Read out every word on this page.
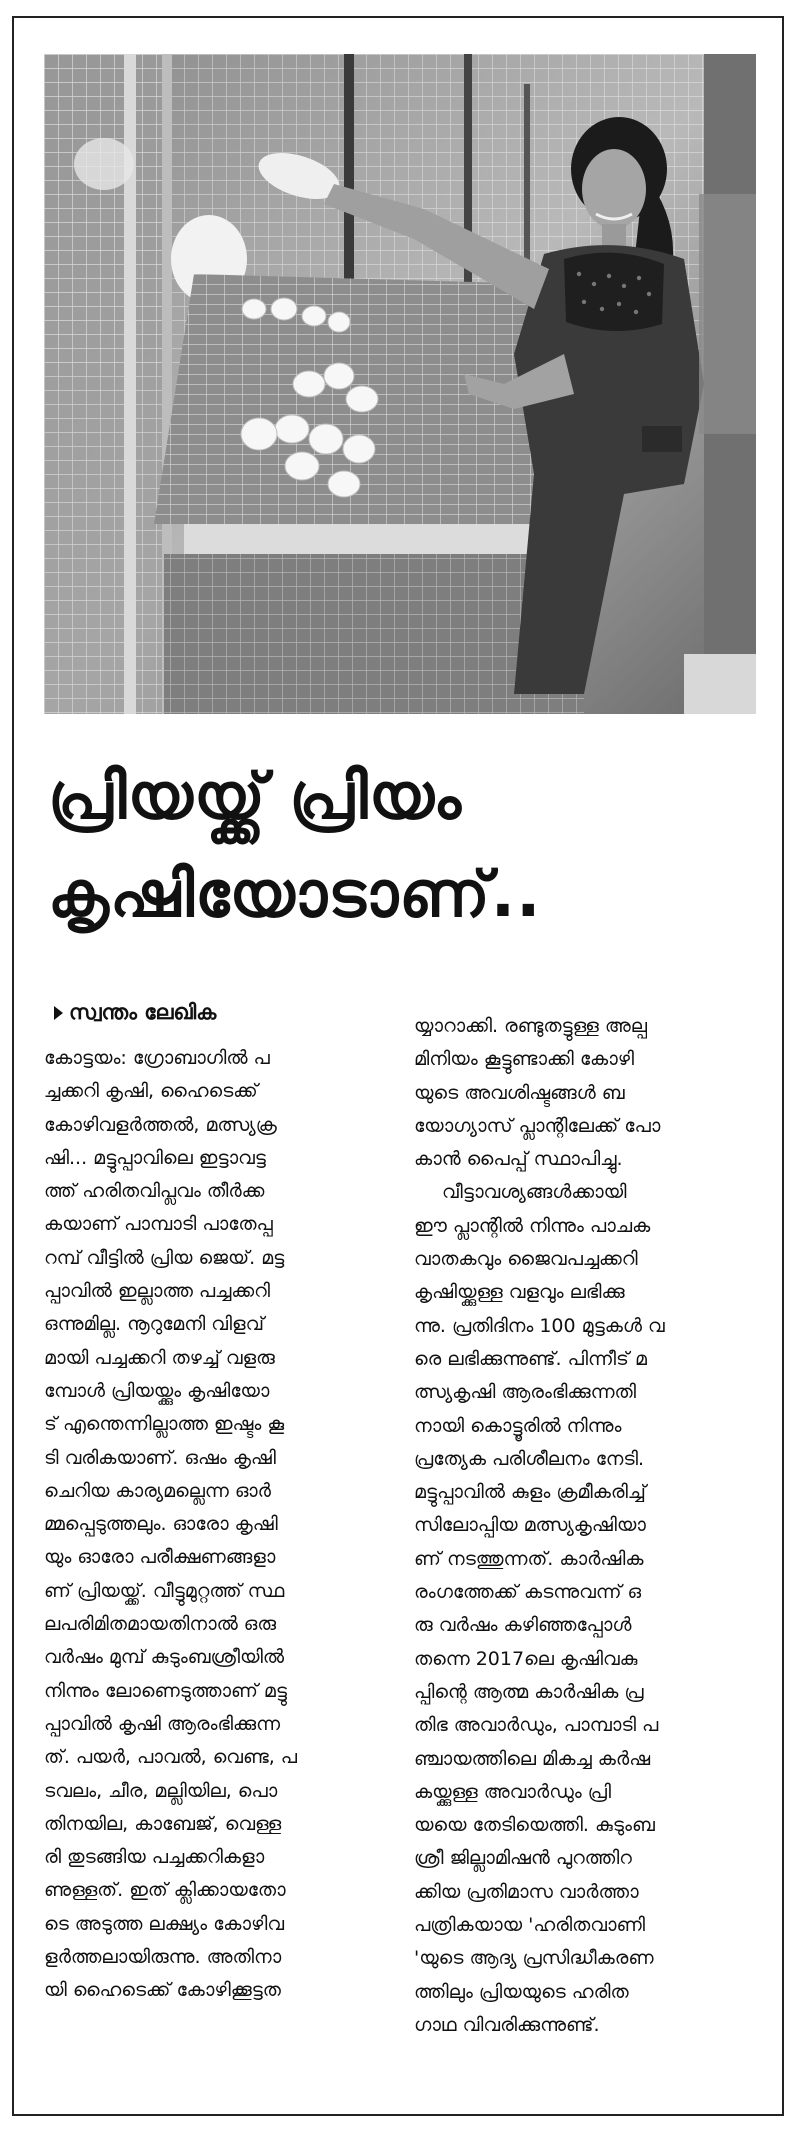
പ്രിയയ്ക്ക് പ്രിയം
കൃഷിയോടാണ്..
സ്വന്തം ലേഖിക
കോട്ടയം: ഗ്രോബാഗിൽ പ
ച്ചക്കറി കൃഷി, ഹൈടെക്ക്
കോഴിവളർത്തൽ, മത്സ്യക്ര
ഷി... മട്ടുപ്പാവിലെ ഇട്ടാവട്ട
ത്ത് ഹരിതവിപ്ലവം തീർക്ക
കയാണ് പാമ്പാടി പാതേപ്പ
റമ്പ് വീട്ടിൽ പ്രിയ ജെയ്. മട്ട
പ്പാവിൽ ഇല്ലാത്ത പച്ചക്കറി
ഒന്നുമില്ല. നൂറുമേനി വിളവ്
മായി പച്ചക്കറി തഴച്ച് വളരു
മ്പോൾ പ്രിയയ്ക്കും കൃഷിയോ
ട് എന്തെന്നില്ലാത്ത ഇഷ്ടം കൂ
ടി വരികയാണ്. ഒഷം കൃഷി
ചെറിയ കാര്യമല്ലെന്ന ഓർ
മ്മപ്പെടുത്തലും. ഓരോ കൃഷി
യും ഓരോ പരീക്ഷണങ്ങളാ
ണ് പ്രിയയ്ക്ക്. വീട്ടുമുറ്റത്ത് സ്ഥ
ലപരിമിതമായതിനാൽ ഒരു
വർഷം മുമ്പ് കുടുംബശ്രീയിൽ
നിന്നും ലോണെടുത്താണ് മട്ടു
പ്പാവിൽ കൃഷി ആരംഭിക്കുന്ന
ത്. പയർ, പാവൽ, വെണ്ട, പ
ടവലം, ചീര, മല്ലിയില, പൊ
തിനയില, കാബേജ്, വെള്ള
രി തുടങ്ങിയ പച്ചക്കറികളാ
ണുള്ളത്. ഇത് ക്ലിക്കായതോ
ടെ അടുത്ത ലക്ഷ്യം കോഴിവ
ളർത്തലായിരുന്നു. അതിനാ
യി ഹൈടെക്ക് കോഴിക്കൂട്ടത
യ്യാറാക്കി. രണ്ടുതട്ടുള്ള അല്പ
മിനിയം കൂട്ടുണ്ടാക്കി കോഴി
യുടെ അവശിഷ്ടങ്ങൾ ബ
യോഗ്യാസ് പ്ലാന്റിലേക്ക് പോ
കാൻ പൈപ്പ് സ്ഥാപിച്ചു.
വീട്ടാവശ്യങ്ങൾക്കായി
ഈ പ്ലാന്റിൽ നിന്നും പാചക
വാതകവും ജൈവപച്ചക്കറി
കൃഷിയ്ക്കുള്ള വളവും ലഭിക്കു
ന്നു. പ്രതിദിനം 100 മുട്ടകൾ വ
രെ ലഭിക്കുന്നുണ്ട്. പിന്നീട് മ
ത്സ്യകൃഷി ആരംഭിക്കുന്നതി
നായി കൊട്ടൂരിൽ നിന്നും
പ്രത്യേക പരിശീലനം നേടി.
മട്ടുപ്പാവിൽ കുളം ക്രമീകരിച്ച്
സിലോപ്പിയ മത്സ്യകൃഷിയാ
ണ് നടത്തുന്നത്. കാർഷിക
രംഗത്തേക്ക് കടന്നുവന്ന് ഒ
രു വർഷം കഴിഞ്ഞപ്പോൾ
തന്നെ 2017ലെ കൃഷിവകു
പ്പിന്റെ ആത്മ കാർഷിക പ്ര
തിഭ അവാർഡും, പാമ്പാടി പ
ഞ്ചായത്തിലെ മികച്ച കർഷ
കയ്ക്കുള്ള അവാർഡും പ്രി
യയെ തേടിയെത്തി. കുടുംബ
ശ്രീ ജില്ലാമിഷൻ പുറത്തിറ
ക്കിയ പ്രതിമാസ വാർത്താ
പത്രികയായ 'ഹരിതവാണി
'യുടെ ആദ്യ പ്രസിദ്ധീകരണ
ത്തിലും പ്രിയയുടെ ഹരിത
ഗാഥ വിവരിക്കുന്നുണ്ട്.
